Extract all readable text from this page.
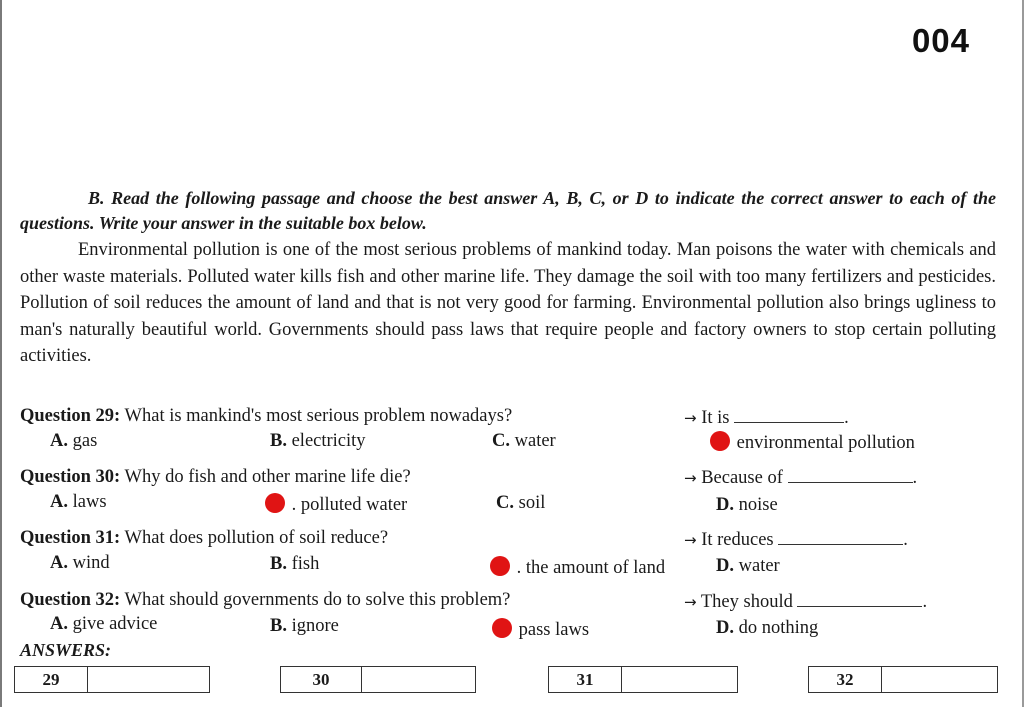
004
B. Read the following passage and choose the best answer A, B, C, or D to indicate the correct answer to each of the questions. Write your answer in the suitable box below.
Environmental pollution is one of the most serious problems of mankind today. Man poisons the water with chemicals and other waste materials. Polluted water kills fish and other marine life. They damage the soil with too many fertilizers and pesticides. Pollution of soil reduces the amount of land and that is not very good for farming. Environmental pollution also brings ugliness to man's naturally beautiful world. Governments should pass laws that require people and factory owners to stop certain polluting activities.
Question 29: What is mankind's most serious problem nowadays?	→ It is	.
A. gas	B. electricity	C. water	environmental pollution
Question 30: Why do fish and other marine life die?	→ Because of	.
A. laws	. polluted water	C. soil	D. noise
Question 31: What does pollution of soil reduce?	→ It reduces	.
A. wind	B. fish	. the amount of land	D. water
Question 32: What should governments do to solve this problem?	→ They should	.
A. give advice	B. ignore	pass laws	D. do nothing
ANSWERS:
29	30	31	32
